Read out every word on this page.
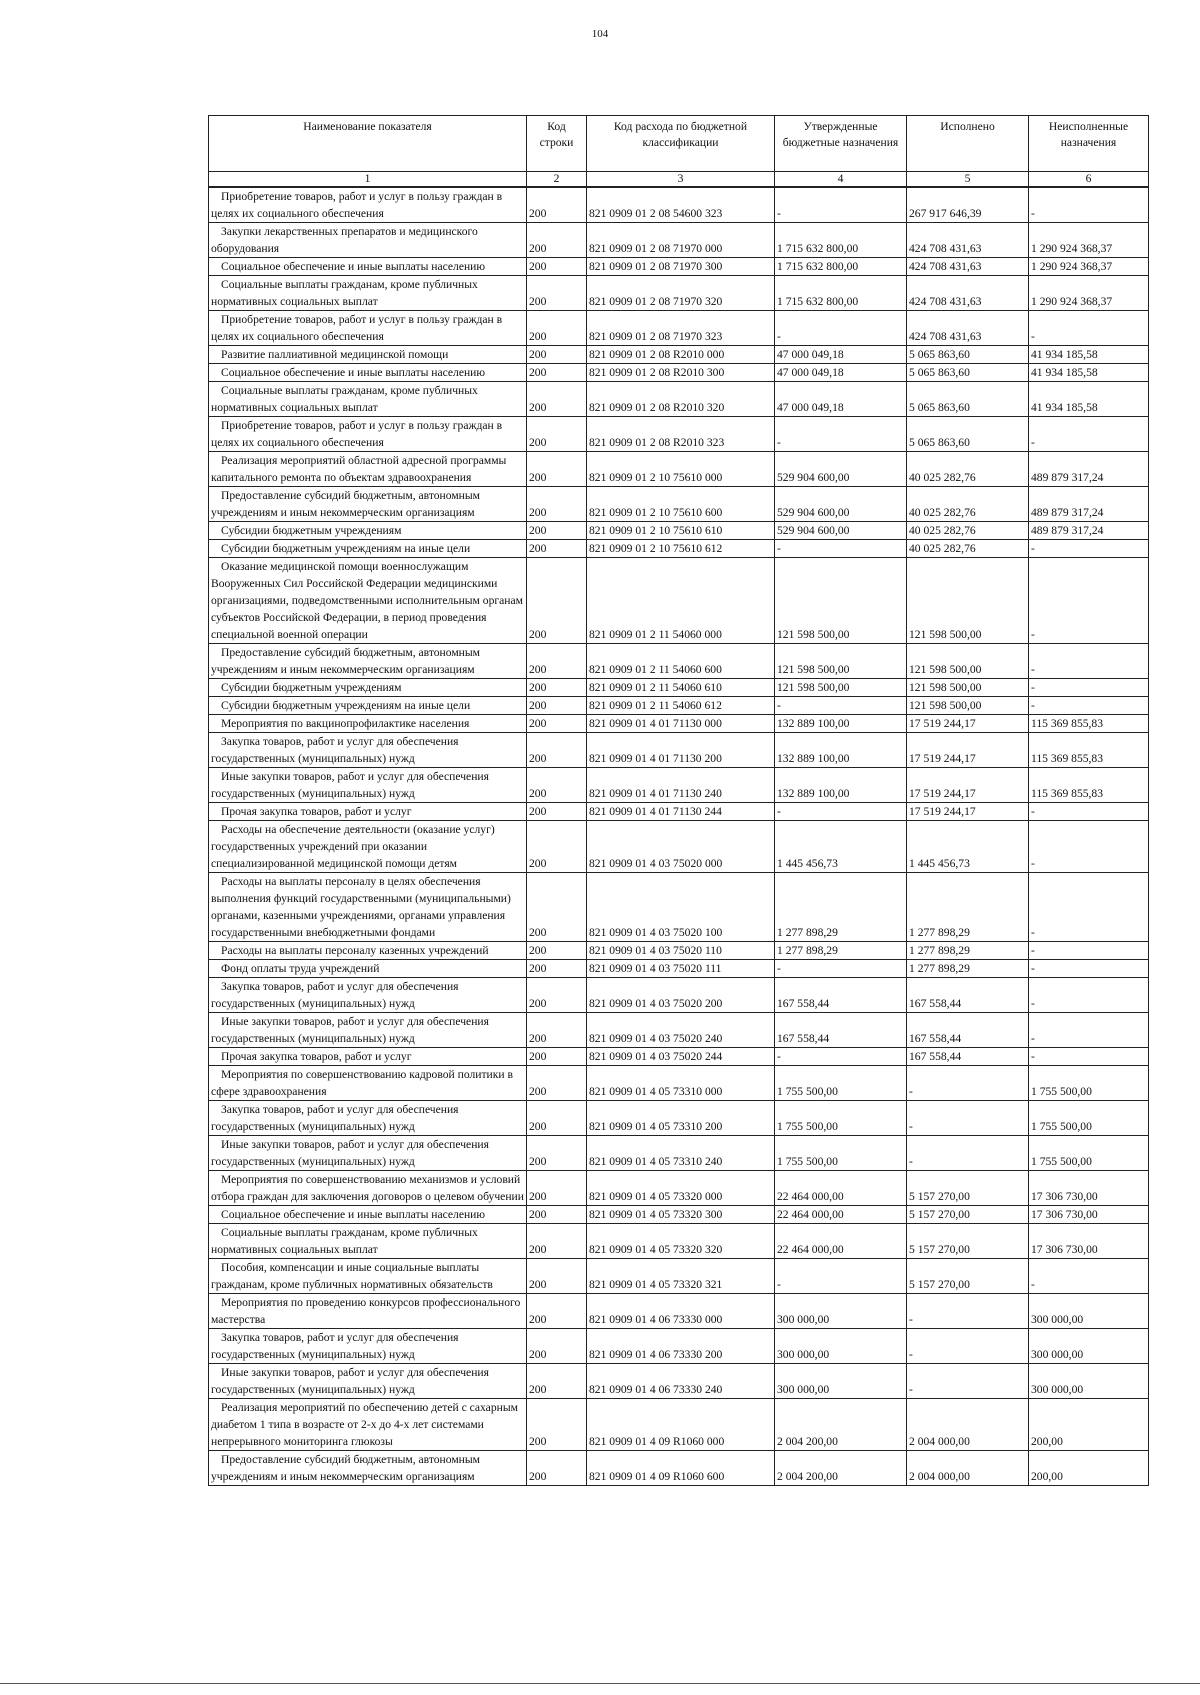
104
Наименование показателя	Код строки	Код расхода по бюджетной классификации	Утвержденные бюджетные назначения	Исполнено	Неисполненные назначения
1	2	3	4	5	6
Приобретение товаров, работ и услуг в пользу граждан в целях их социального обеспечения	200	821 0909 01 2 08 54600 323	-	267 917 646,39	-
Закупки лекарственных препаратов и медицинского оборудования	200	821 0909 01 2 08 71970 000	1 715 632 800,00	424 708 431,63	1 290 924 368,37
Социальное обеспечение и иные выплаты населению	200	821 0909 01 2 08 71970 300	1 715 632 800,00	424 708 431,63	1 290 924 368,37
Социальные выплаты гражданам, кроме публичных нормативных социальных выплат	200	821 0909 01 2 08 71970 320	1 715 632 800,00	424 708 431,63	1 290 924 368,37
Приобретение товаров, работ и услуг в пользу граждан в целях их социального обеспечения	200	821 0909 01 2 08 71970 323	-	424 708 431,63	-
Развитие паллиативной медицинской помощи	200	821 0909 01 2 08 R2010 000	47 000 049,18	5 065 863,60	41 934 185,58
Социальное обеспечение и иные выплаты населению	200	821 0909 01 2 08 R2010 300	47 000 049,18	5 065 863,60	41 934 185,58
Социальные выплаты гражданам, кроме публичных нормативных социальных выплат	200	821 0909 01 2 08 R2010 320	47 000 049,18	5 065 863,60	41 934 185,58
Приобретение товаров, работ и услуг в пользу граждан в целях их социального обеспечения	200	821 0909 01 2 08 R2010 323	-	5 065 863,60	-
Реализация мероприятий областной адресной программы капитального ремонта по объектам здравоохранения	200	821 0909 01 2 10 75610 000	529 904 600,00	40 025 282,76	489 879 317,24
Предоставление субсидий бюджетным, автономным учреждениям и иным некоммерческим организациям	200	821 0909 01 2 10 75610 600	529 904 600,00	40 025 282,76	489 879 317,24
Субсидии бюджетным учреждениям	200	821 0909 01 2 10 75610 610	529 904 600,00	40 025 282,76	489 879 317,24
Субсидии бюджетным учреждениям на иные цели	200	821 0909 01 2 10 75610 612	-	40 025 282,76	-
Оказание медицинской помощи военнослужащим Вооруженных Сил Российской Федерации медицинскими организациями, подведомственными исполнительным органам субъектов Российской Федерации, в период проведения специальной военной операции	200	821 0909 01 2 11 54060 000	121 598 500,00	121 598 500,00	-
Предоставление субсидий бюджетным, автономным учреждениям и иным некоммерческим организациям	200	821 0909 01 2 11 54060 600	121 598 500,00	121 598 500,00	-
Субсидии бюджетным учреждениям	200	821 0909 01 2 11 54060 610	121 598 500,00	121 598 500,00	-
Субсидии бюджетным учреждениям на иные цели	200	821 0909 01 2 11 54060 612	-	121 598 500,00	-
Мероприятия по вакцинопрофилактике населения	200	821 0909 01 4 01 71130 000	132 889 100,00	17 519 244,17	115 369 855,83
Закупка товаров, работ и услуг для обеспечения государственных (муниципальных) нужд	200	821 0909 01 4 01 71130 200	132 889 100,00	17 519 244,17	115 369 855,83
Иные закупки товаров, работ и услуг для обеспечения государственных (муниципальных) нужд	200	821 0909 01 4 01 71130 240	132 889 100,00	17 519 244,17	115 369 855,83
Прочая закупка товаров, работ и услуг	200	821 0909 01 4 01 71130 244	-	17 519 244,17	-
Расходы на обеспечение деятельности (оказание услуг) государственных учреждений при оказании специализированной медицинской помощи детям	200	821 0909 01 4 03 75020 000	1 445 456,73	1 445 456,73	-
Расходы на выплаты персоналу в целях обеспечения выполнения функций государственными (муниципальными) органами, казенными учреждениями, органами управления государственными внебюджетными фондами	200	821 0909 01 4 03 75020 100	1 277 898,29	1 277 898,29	-
Расходы на выплаты персоналу казенных учреждений	200	821 0909 01 4 03 75020 110	1 277 898,29	1 277 898,29	-
Фонд оплаты труда учреждений	200	821 0909 01 4 03 75020 111	-	1 277 898,29	-
Закупка товаров, работ и услуг для обеспечения государственных (муниципальных) нужд	200	821 0909 01 4 03 75020 200	167 558,44	167 558,44	-
Иные закупки товаров, работ и услуг для обеспечения государственных (муниципальных) нужд	200	821 0909 01 4 03 75020 240	167 558,44	167 558,44	-
Прочая закупка товаров, работ и услуг	200	821 0909 01 4 03 75020 244	-	167 558,44	-
Мероприятия по совершенствованию кадровой политики в сфере здравоохранения	200	821 0909 01 4 05 73310 000	1 755 500,00	-	1 755 500,00
Закупка товаров, работ и услуг для обеспечения государственных (муниципальных) нужд	200	821 0909 01 4 05 73310 200	1 755 500,00	-	1 755 500,00
Иные закупки товаров, работ и услуг для обеспечения государственных (муниципальных) нужд	200	821 0909 01 4 05 73310 240	1 755 500,00	-	1 755 500,00
Мероприятия по совершенствованию механизмов и условий отбора граждан для заключения договоров о целевом обучении	200	821 0909 01 4 05 73320 000	22 464 000,00	5 157 270,00	17 306 730,00
Социальное обеспечение и иные выплаты населению	200	821 0909 01 4 05 73320 300	22 464 000,00	5 157 270,00	17 306 730,00
Социальные выплаты гражданам, кроме публичных нормативных социальных выплат	200	821 0909 01 4 05 73320 320	22 464 000,00	5 157 270,00	17 306 730,00
Пособия, компенсации и иные социальные выплаты гражданам, кроме публичных нормативных обязательств	200	821 0909 01 4 05 73320 321	-	5 157 270,00	-
Мероприятия по проведению конкурсов профессионального мастерства	200	821 0909 01 4 06 73330 000	300 000,00	-	300 000,00
Закупка товаров, работ и услуг для обеспечения государственных (муниципальных) нужд	200	821 0909 01 4 06 73330 200	300 000,00	-	300 000,00
Иные закупки товаров, работ и услуг для обеспечения государственных (муниципальных) нужд	200	821 0909 01 4 06 73330 240	300 000,00	-	300 000,00
Реализация мероприятий по обеспечению детей с сахарным диабетом 1 типа в возрасте от 2-х до 4-х лет системами непрерывного мониторинга глюкозы	200	821 0909 01 4 09 R1060 000	2 004 200,00	2 004 000,00	200,00
Предоставление субсидий бюджетным, автономным учреждениям и иным некоммерческим организациям	200	821 0909 01 4 09 R1060 600	2 004 200,00	2 004 000,00	200,00
